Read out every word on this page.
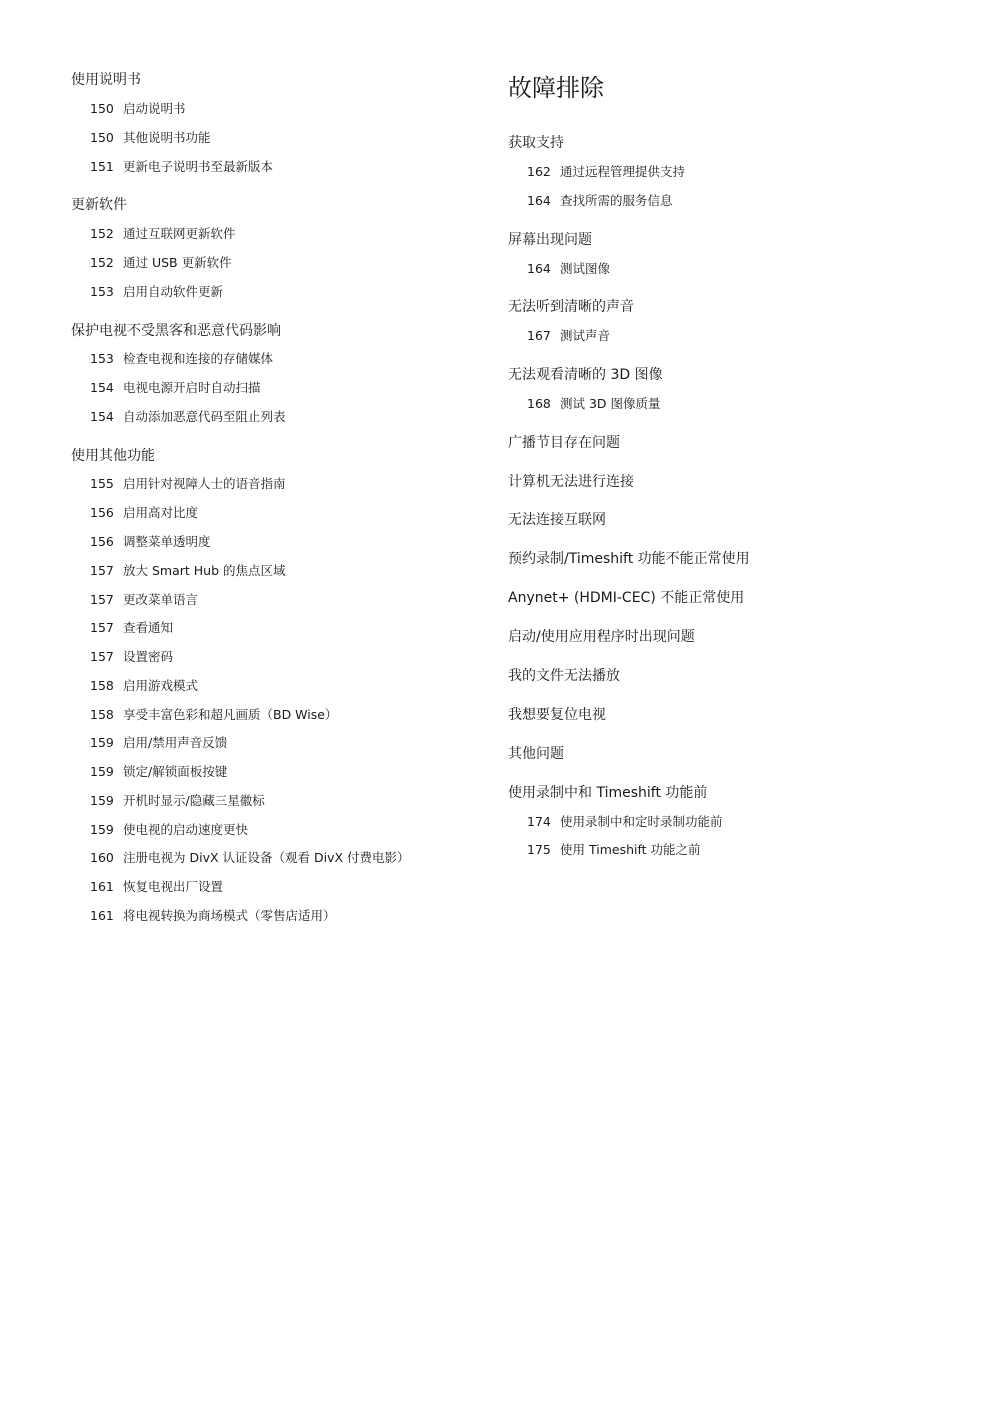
使用说明书
150 启动说明书
150 其他说明书功能
151 更新电子说明书至最新版本
更新软件
152 通过互联网更新软件
152 通过 USB 更新软件
153 启用自动软件更新
保护电视不受黑客和恶意代码影响
153 检查电视和连接的存储媒体
154 电视电源开启时自动扫描
154 自动添加恶意代码至阻止列表
使用其他功能
155 启用针对视障人士的语音指南
156 启用高对比度
156 调整菜单透明度
157 放大 Smart Hub 的焦点区域
157 更改菜单语言
157 查看通知
157 设置密码
158 启用游戏模式
158 享受丰富色彩和超凡画质（BD Wise）
159 启用/禁用声音反馈
159 锁定/解锁面板按键
159 开机时显示/隐藏三星徽标
159 使电视的启动速度更快
160 注册电视为 DivX 认证设备（观看 DivX 付费电影）
161 恢复电视出厂设置
161 将电视转换为商场模式（零售店适用）
故障排除
获取支持
162 通过远程管理提供支持
164 查找所需的服务信息
屏幕出现问题
164 测试图像
无法听到清晰的声音
167 测试声音
无法观看清晰的 3D 图像
168 测试 3D 图像质量
广播节目存在问题
计算机无法进行连接
无法连接互联网
预约录制/Timeshift 功能不能正常使用
Anynet+ (HDMI-CEC) 不能正常使用
启动/使用应用程序时出现问题
我的文件无法播放
我想要复位电视
其他问题
使用录制中和 Timeshift 功能前
174 使用录制中和定时录制功能前
175 使用 Timeshift 功能之前
